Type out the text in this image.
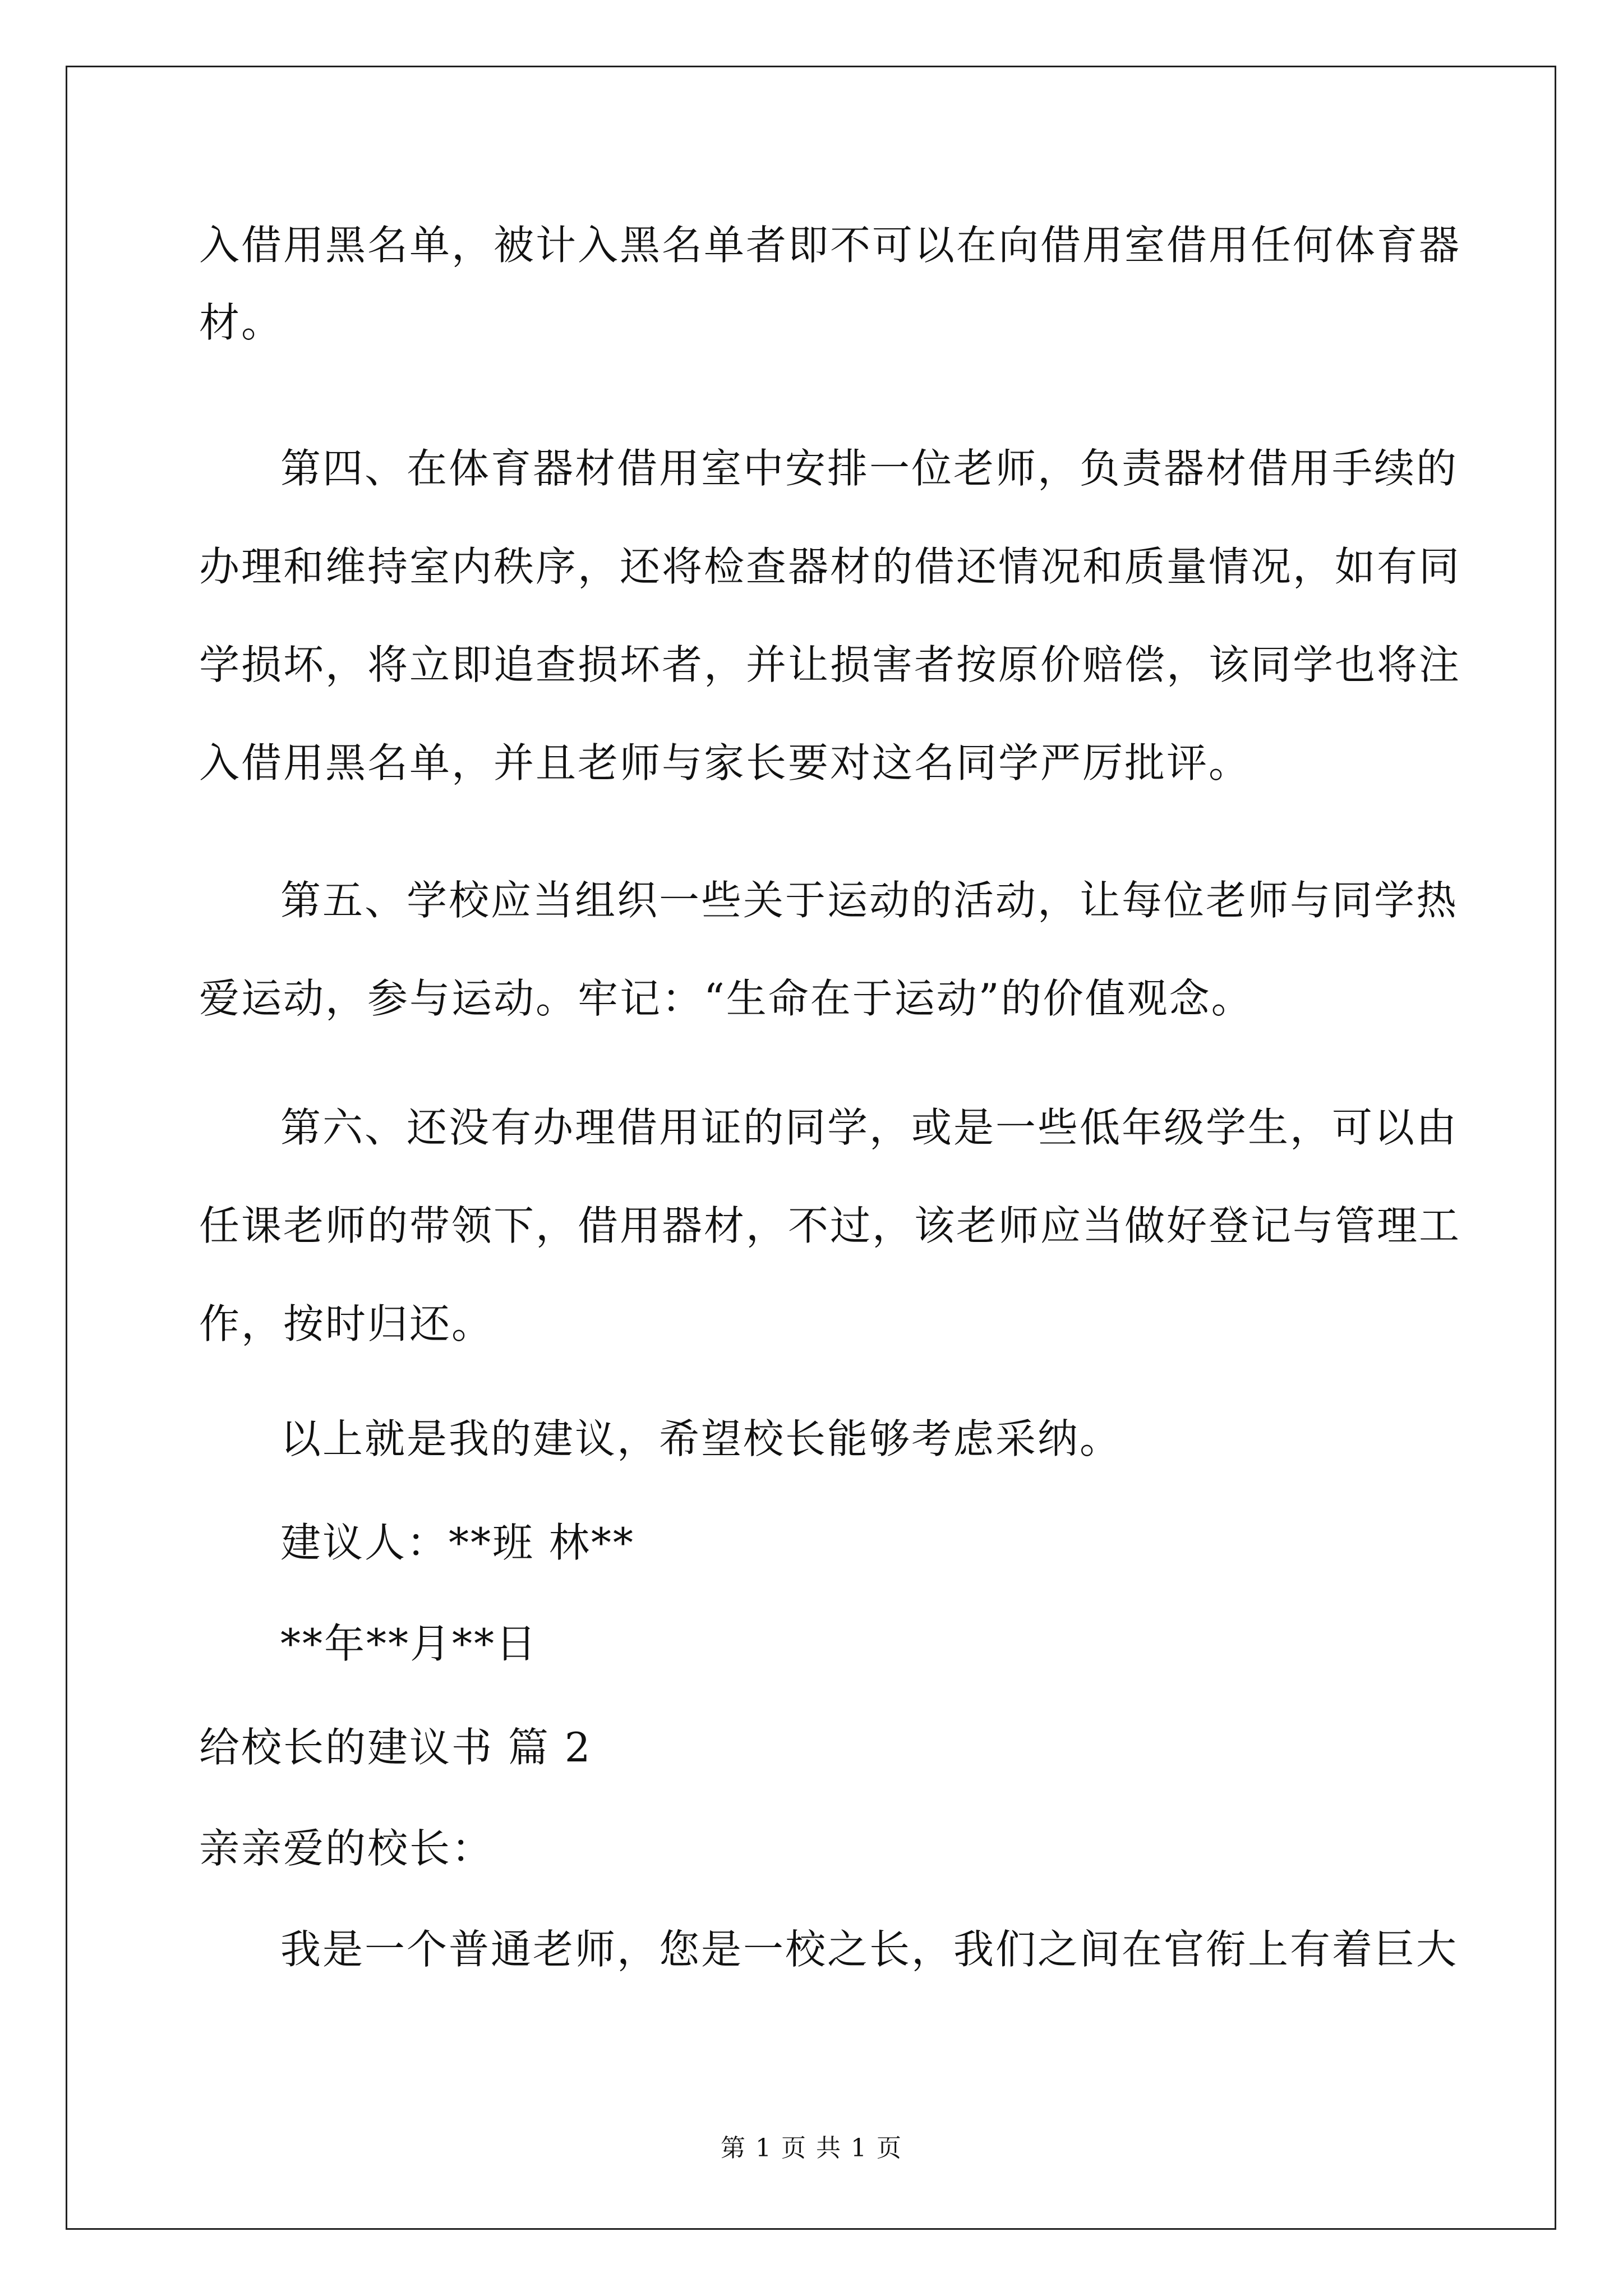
入借用黑名单，被计入黑名单者即不可以在向借用室借用任何体育器
材。
第四、在体育器材借用室中安排一位老师，负责器材借用手续的
办理和维持室内秩序，还将检查器材的借还情况和质量情况，如有同
学损坏，将立即追查损坏者，并让损害者按原价赔偿，该同学也将注
入借用黑名单，并且老师与家长要对这名同学严厉批评。
第五、学校应当组织一些关于运动的活动，让每位老师与同学热
爱运动，参与运动。牢记：“生命在于运动”的价值观念。
第六、还没有办理借用证的同学，或是一些低年级学生，可以由
任课老师的带领下，借用器材，不过，该老师应当做好登记与管理工
作，按时归还。
以上就是我的建议，希望校长能够考虑采纳。
建议人：**班 林**
**年**月**日
给校长的建议书 篇 2
亲亲爱的校长：
我是一个普通老师，您是一校之长，我们之间在官衔上有着巨大
第 1 页 共 1 页
